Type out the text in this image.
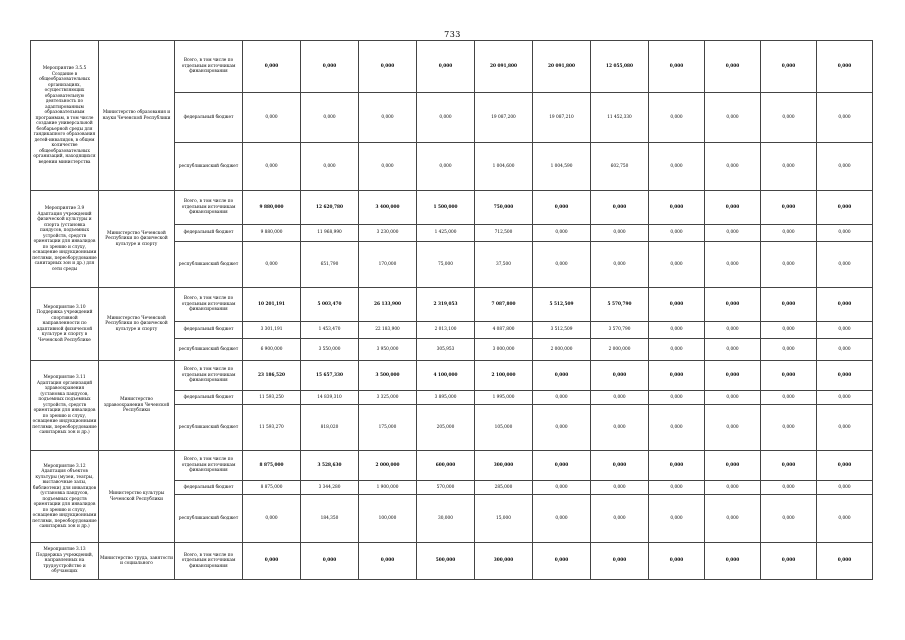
733
Мероприятие 3.5.5 Создание в общеобразовательных организациях, осуществляющих образовательную деятельность по адаптированным образовательным программам, в том числе создание универсальной безбарьерной среды для гандикапного образования детей-инвалидов, в общем количестве общеобразовательных организаций, находящихся ведении министерства	Министерство образования и науки Чеченской Республики	Всего, в том числе по отдельным источникам финансирования	0,000	0,000	0,000	0,000	20 091,800	20 091,800	12 055,080	0,000	0,000	0,000	0,000
		федеральный бюджет	0,000	0,000	0,000	0,000	19 087,200	19 087,210	11 452,330	0,000	0,000	0,000	0,000
		республиканский бюджет	0,000	0,000	0,000	0,000	1 004,600	1 004,590	602,750	0,000	0,000	0,000	0,000
Мероприятие 3.9 Адаптация учреждений физической культуры и спорта (установка пандусов, подъемных устройств, средств ориентации для инвалидов по зрению и слуху, оснащение индукционными петлями, переоборудование санитарных зон и др.) для сети среды	Министерство Чеченской Республики по физической культуре и спорту	Всего, в том числе по отдельным источникам финансирования	9 880,000	12 620,780	3 400,000	1 500,000	750,000	0,000	0,000	0,000	0,000	0,000	0,000
		федеральный бюджет	9 880,000	11 968,990	3 230,000	1 425,000	712,500	0,000	0,000	0,000	0,000	0,000	0,000
		республиканский бюджет	0,000	651,790	170,000	75,000	37,500	0,000	0,000	0,000	0,000	0,000	0,000
Мероприятие 3.10 Поддержка учреждений спортивной направленности по адаптивной физической культуре и спорту в Чеченской Республике	Министерство Чеченской Республики по физической культуре и спорту	Всего, в том числе по отдельным источникам финансирования	10 201,191	5 003,470	26 133,900	2 319,053	7 087,800	5 512,509	5 570,790	0,000	0,000	0,000	0,000
		федеральный бюджет	3 301,191	1 453,470	22 183,900	2 013,100	4 087,800	3 512,509	3 570,790	0,000	0,000	0,000	0,000
		республиканский бюджет	6 900,000	3 550,000	3 950,000	305,953	3 000,000	2 000,000	2 000,000	0,000	0,000	0,000	0,000
Мероприятие 3.11 Адаптация организаций здравоохранения (установка пандусов, подъемных подъемных устройств, средств ориентации для инвалидов по зрению и слуху, оснащение индукционными петлями, переоборудование санитарных зон и др.)	Министерство здравоохранения Чеченской Республики	Всего, в том числе по отдельным источникам финансирования	23 186,520	15 657,330	3 500,000	4 100,000	2 100,000	0,000	0,000	0,000	0,000	0,000	0,000
		федеральный бюджет	11 593,250	14 839,310	3 325,000	3 895,000	1 995,000	0,000	0,000	0,000	0,000	0,000	0,000
		республиканский бюджет	11 593,270	818,020	175,000	205,000	105,000	0,000	0,000	0,000	0,000	0,000	0,000
Мероприятие 3.12 Адаптация объектов культуры (музеи, театры, выставочные залы, библиотеки) для инвалидов (установка пандусов, подъемных средств ориентации для инвалидов по зрению и слуху, оснащение индукционными петлями, переоборудование санитарных зон и др.)	Министерство культуры Чеченской Республики	Всего, в том числе по отдельным источникам финансирования	8 875,000	3 528,630	2 000,000	600,000	300,000	0,000	0,000	0,000	0,000	0,000	0,000
		федеральный бюджет	8 875,000	3 344,280	1 900,000	570,000	285,000	0,000	0,000	0,000	0,000	0,000	0,000
		республиканский бюджет	0,000	184,350	100,000	30,000	15,000	0,000	0,000	0,000	0,000	0,000	0,000
Мероприятие 3.13 Поддержка учреждений, направленных на трудоустройство и обучающих	Министерство труда, занятости и социального	Всего, в том числе по отдельным источникам финансирования	0,000	0,000	0,000	500,000	300,000	0,000	0,000	0,000	0,000	0,000	0,000
